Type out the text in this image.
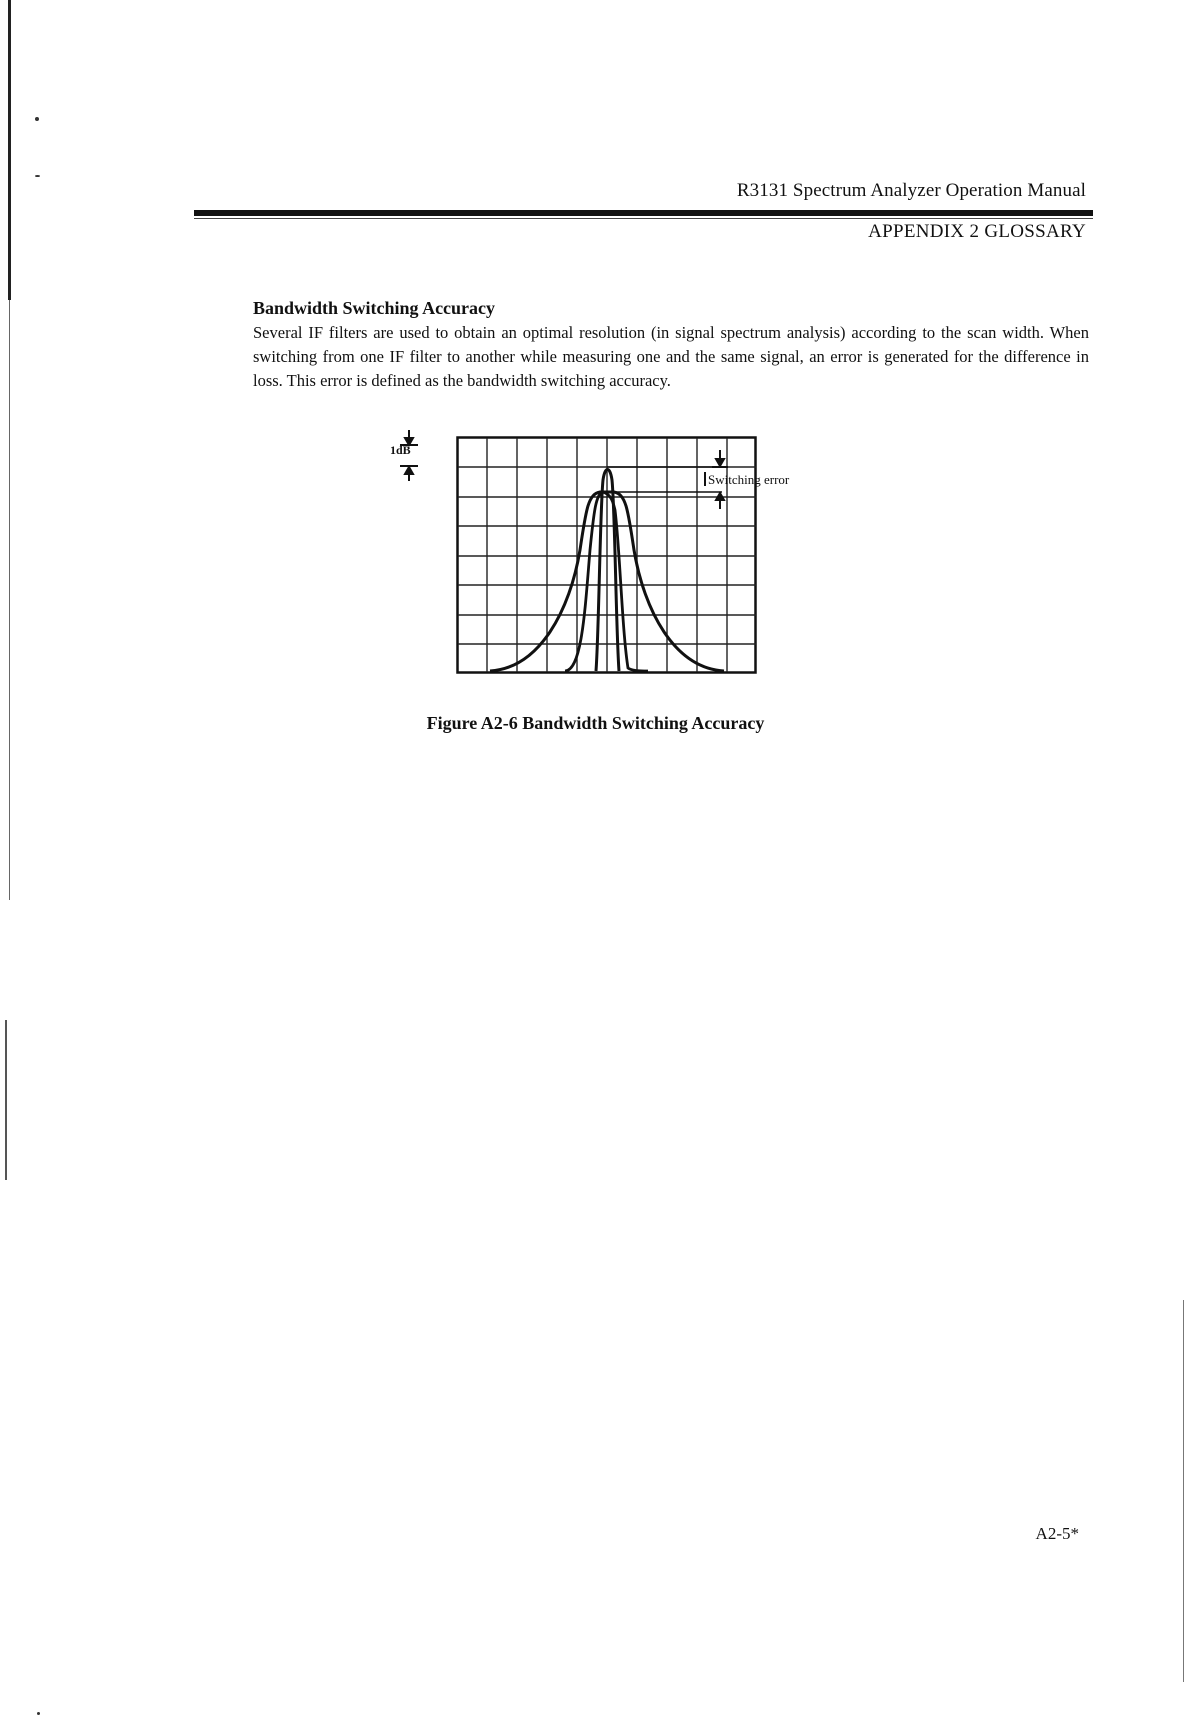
R3131 Spectrum Analyzer Operation Manual
APPENDIX 2 GLOSSARY
Bandwidth Switching Accuracy

Several IF filters are used to obtain an optimal resolution (in signal spectrum analysis) according to the scan width. When switching from one IF filter to another while measuring one and the same signal, an error is generated for the difference in loss. This error is defined as the bandwidth switching accuracy.

1dB
Switching error
Figure A2-6 Bandwidth Switching Accuracy
A2-5*
